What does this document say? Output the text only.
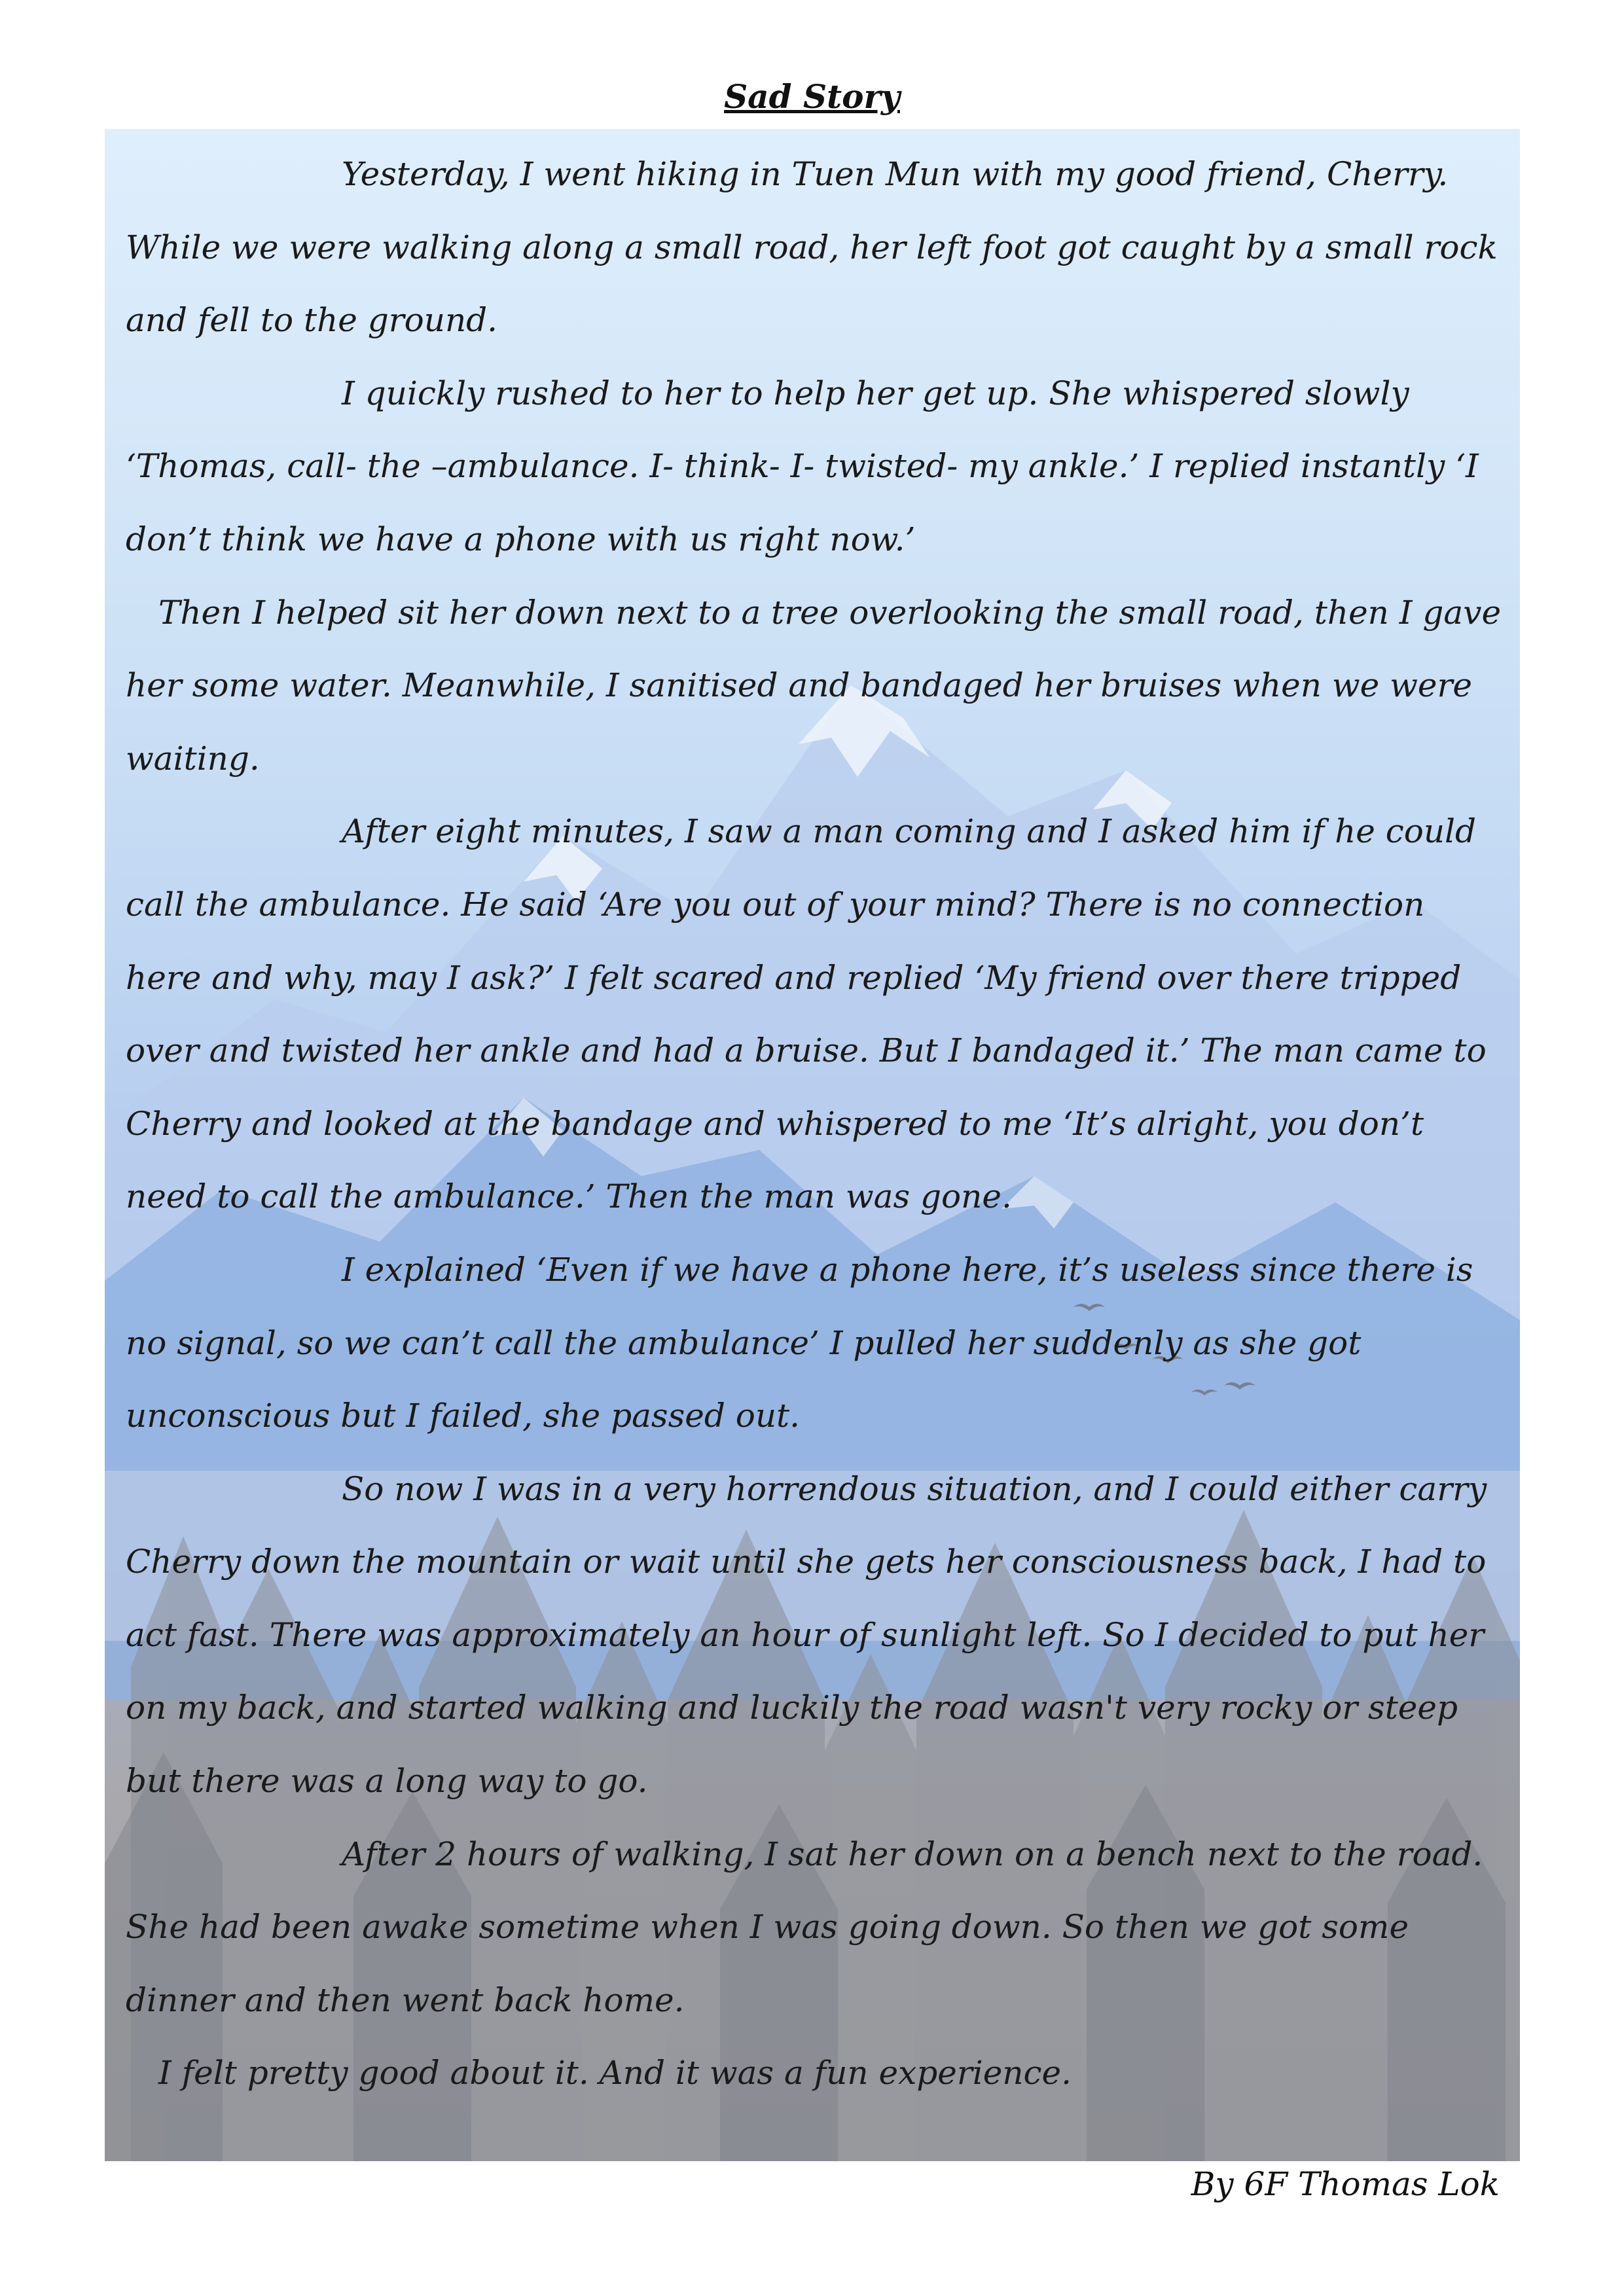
Sad Story

Yesterday, I went hiking in Tuen Mun with my good friend, Cherry. While we were walking along a small road, her left foot got caught by a small rock and fell to the ground.

I quickly rushed to her to help her get up. She whispered slowly ‘Thomas, call- the –ambulance. I- think- I- twisted- my ankle.’ I replied instantly ‘I don’t think we have a phone with us right now.’

Then I helped sit her down next to a tree overlooking the small road, then I gave her some water. Meanwhile, I sanitised and bandaged her bruises when we were waiting.

After eight minutes, I saw a man coming and I asked him if he could call the ambulance. He said ‘Are you out of your mind? There is no connection here and why, may I ask?’ I felt scared and replied ‘My friend over there tripped over and twisted her ankle and had a bruise. But I bandaged it.’ The man came to Cherry and looked at the bandage and whispered to me ‘It’s alright, you don’t need to call the ambulance.’ Then the man was gone.

I explained ‘Even if we have a phone here, it’s useless since there is no signal, so we can’t call the ambulance’ I pulled her suddenly as she got unconscious but I failed, she passed out.

So now I was in a very horrendous situation, and I could either carry Cherry down the mountain or wait until she gets her consciousness back, I had to act fast. There was approximately an hour of sunlight left. So I decided to put her on my back, and started walking and luckily the road wasn't very rocky or steep but there was a long way to go.

After 2 hours of walking, I sat her down on a bench next to the road. She had been awake sometime when I was going down. So then we got some dinner and then went back home.

I felt pretty good about it. And it was a fun experience.

By 6F Thomas Lok
